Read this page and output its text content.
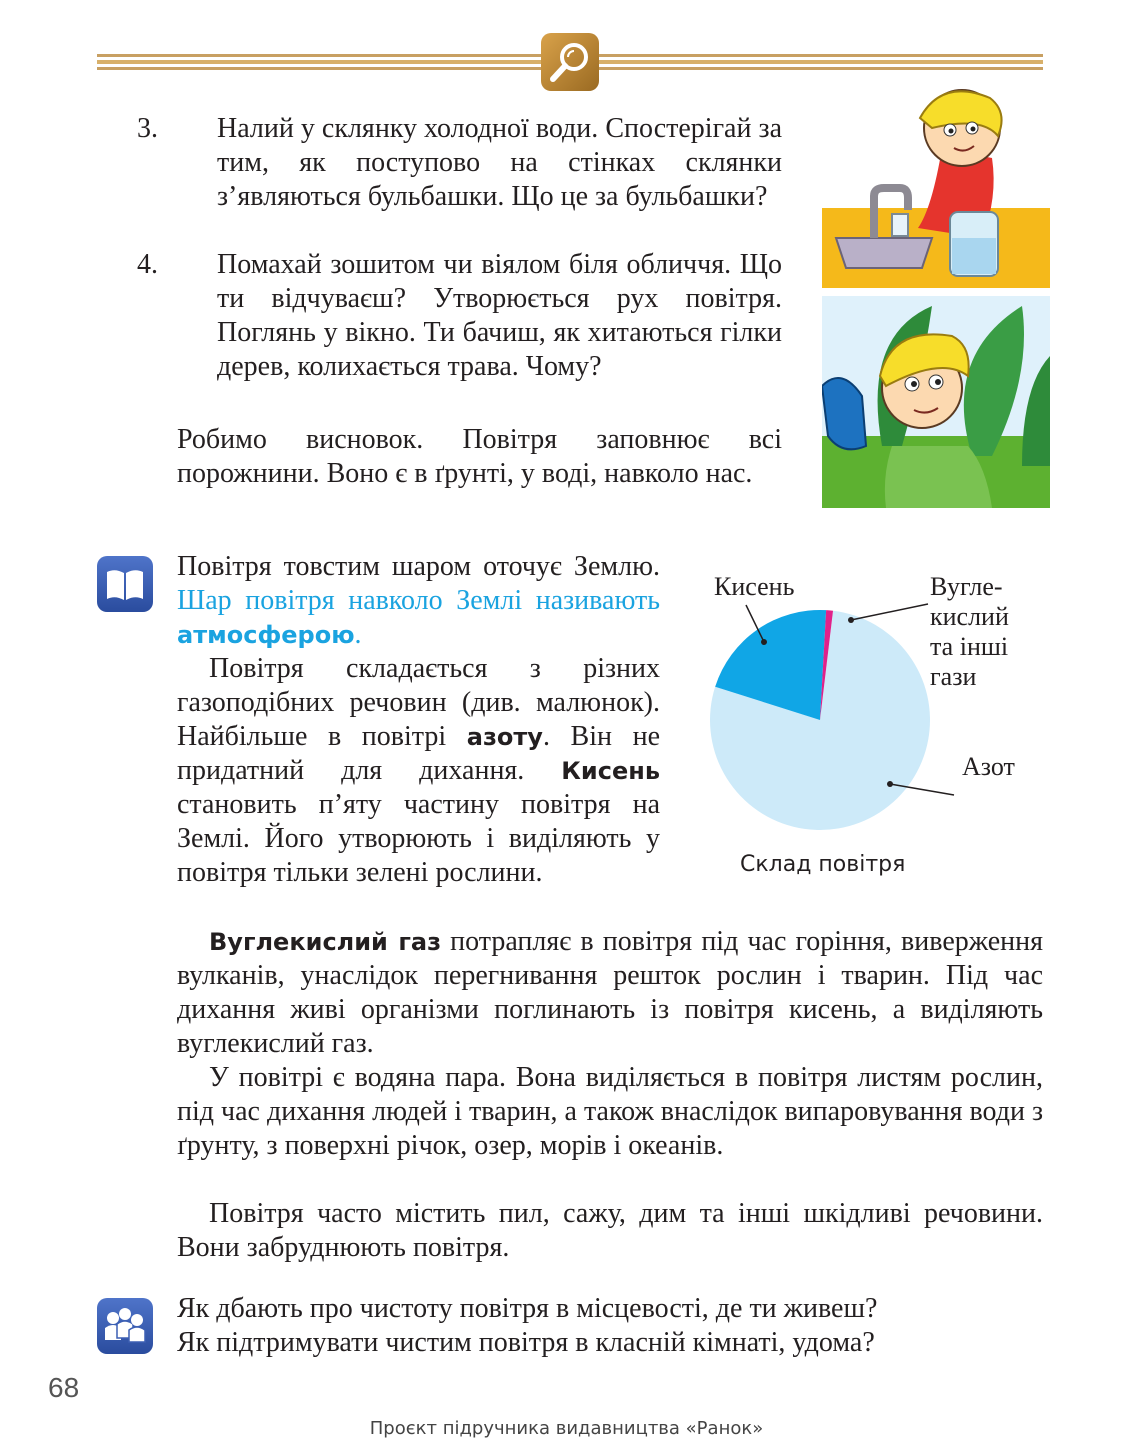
3. Налий у склянку холодної води. Спостерігай за тим, як поступово на стінках склянки з’являються бульбашки. Що це за бульбашки?

4. Помахай зошитом чи віялом біля обличчя. Що ти відчуваєш? Утворюється рух повітря. Поглянь у вікно. Ти бачиш, як хитаються гілки дерев, колихається трава. Чому?

Робимо висновок. Повітря заповнює всі порожнини. Воно є в ґрунті, у воді, навколо нас.

Повітря товстим шаром оточує Землю. Шар повітря навколо Землі називають атмосферою.

Повітря складається з різних газоподібних речовин (див. малюнок). Найбільше в повітрі азоту. Він не придатний для дихання. Кисень становить п’яту частину повітря на Землі. Його утворюють і виділяють у повітря тільки зелені рослини.

Кисень	Вугле-
кислий
та інші
гази
Азот
Склад повітря

Вуглекислий газ потрапляє в повітря під час горіння, виверження вулканів, унаслідок перегнивання решток рослин і тварин. Під час дихання живі організми поглинають із повітря кисень, а виділяють вуглекислий газ.

У повітрі є водяна пара. Вона виділяється в повітря листям рослин, під час дихання людей і тварин, а також внаслідок випаровування води з ґрунту, з поверхні річок, озер, морів і океанів.

Повітря часто містить пил, сажу, дим та інші шкідливі речовини. Вони забруднюють повітря.

Як дбають про чистоту повітря в місцевості, де ти живеш?

Як підтримувати чистим повітря в класній кімнаті, удома?

68
Проєкт підручника видавництва «Ранок»
